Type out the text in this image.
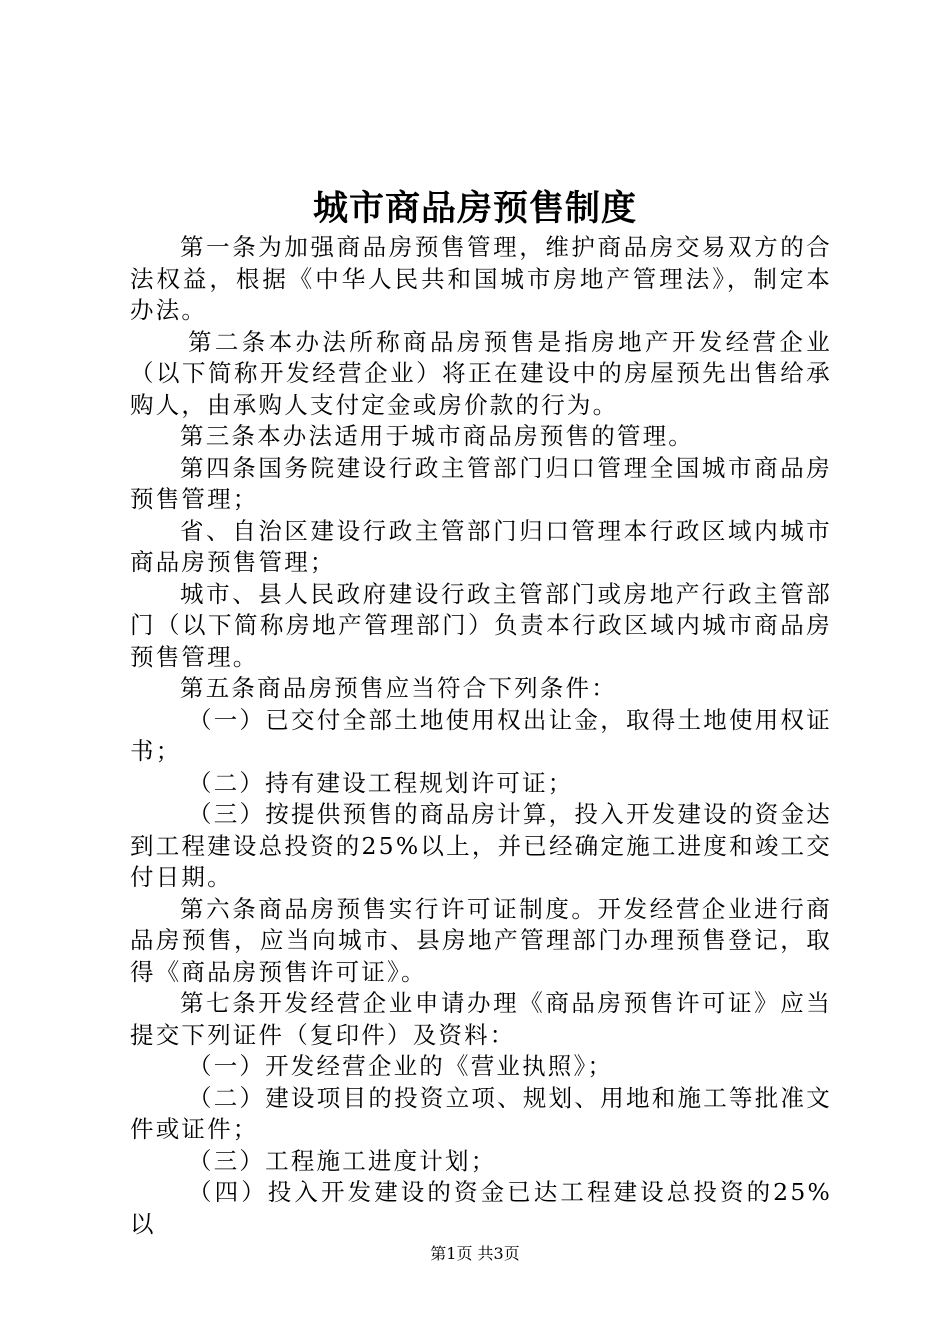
城市商品房预售制度

第一条为加强商品房预售管理，维护商品房交易双方的合法权益，根据《中华人民共和国城市房地产管理法》，制定本办法。

第二条本办法所称商品房预售是指房地产开发经营企业（以下简称开发经营企业）将正在建设中的房屋预先出售给承购人，由承购人支付定金或房价款的行为。

第三条本办法适用于城市商品房预售的管理。

第四条国务院建设行政主管部门归口管理全国城市商品房预售管理；

省、自治区建设行政主管部门归口管理本行政区域内城市商品房预售管理；

城市、县人民政府建设行政主管部门或房地产行政主管部门（以下简称房地产管理部门）负责本行政区域内城市商品房预售管理。

第五条商品房预售应当符合下列条件：

（一）已交付全部土地使用权出让金，取得土地使用权证书；

（二）持有建设工程规划许可证；

（三）按提供预售的商品房计算，投入开发建设的资金达到工程建设总投资的25%以上，并已经确定施工进度和竣工交付日期。

第六条商品房预售实行许可证制度。开发经营企业进行商品房预售，应当向城市、县房地产管理部门办理预售登记，取得《商品房预售许可证》。

第七条开发经营企业申请办理《商品房预售许可证》应当提交下列证件（复印件）及资料：

（一）开发经营企业的《营业执照》；

（二）建设项目的投资立项、规划、用地和施工等批准文件或证件；

（三）工程施工进度计划；

（四）投入开发建设的资金已达工程建设总投资的25%以

第1页 共3页
